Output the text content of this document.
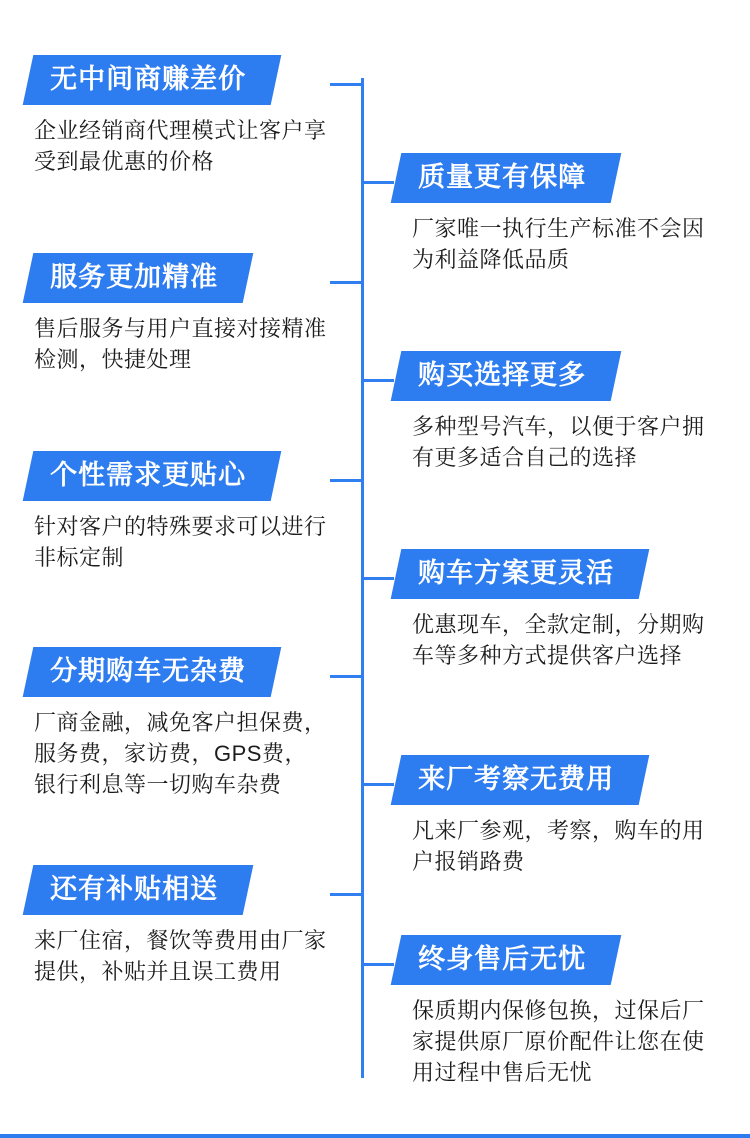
无中间商赚差价
企业经销商代理模式让客户享受到最优惠的价格
质量更有保障
厂家唯一执行生产标准不会因为利益降低品质
服务更加精准
售后服务与用户直接对接精准检测，快捷处理
购买选择更多
多种型号汽车，以便于客户拥有更多适合自己的选择
个性需求更贴心
针对客户的特殊要求可以进行非标定制
购车方案更灵活
优惠现车，全款定制，分期购车等多种方式提供客户选择
分期购车无杂费
厂商金融，减免客户担保费，服务费，家访费，GPS费，银行利息等一切购车杂费	来厂考察无费用
凡来厂参观，考察，购车的用户报销路费
还有补贴相送
来厂住宿，餐饮等费用由厂家提供，补贴并且误工费用	终身售后无忧
保质期内保修包换，过保后厂家提供原厂原价配件让您在使用过程中售后无忧
